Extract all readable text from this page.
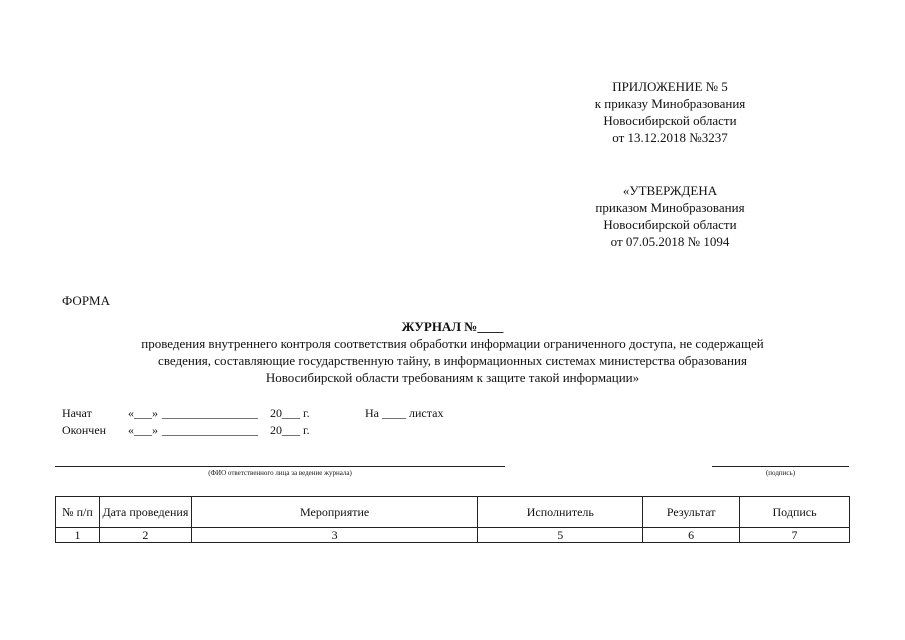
ПРИЛОЖЕНИЕ № 5
к приказу Минобразования
Новосибирской области
от 13.12.2018 №3237
«УТВЕРЖДЕНА
приказом Минобразования
Новосибирской области
от 07.05.2018 № 1094
ФОРМА
ЖУРНАЛ №____
проведения внутреннего контроля соответствия обработки информации ограниченного доступа, не содержащей
сведения, составляющие государственную тайну, в информационных системах министерства образования
Новосибирской области требованиям к защите такой информации»
Начат	«___» ________________ 20___ г.	На ____ листах
Окончен «___» ________________ 20___ г.
(ФИО ответственного лица за ведение журнала)	(подпись)
№ п/п	Дата проведения	Мероприятие	Исполнитель	Результат	Подпись
1	2	3	5	6	7
